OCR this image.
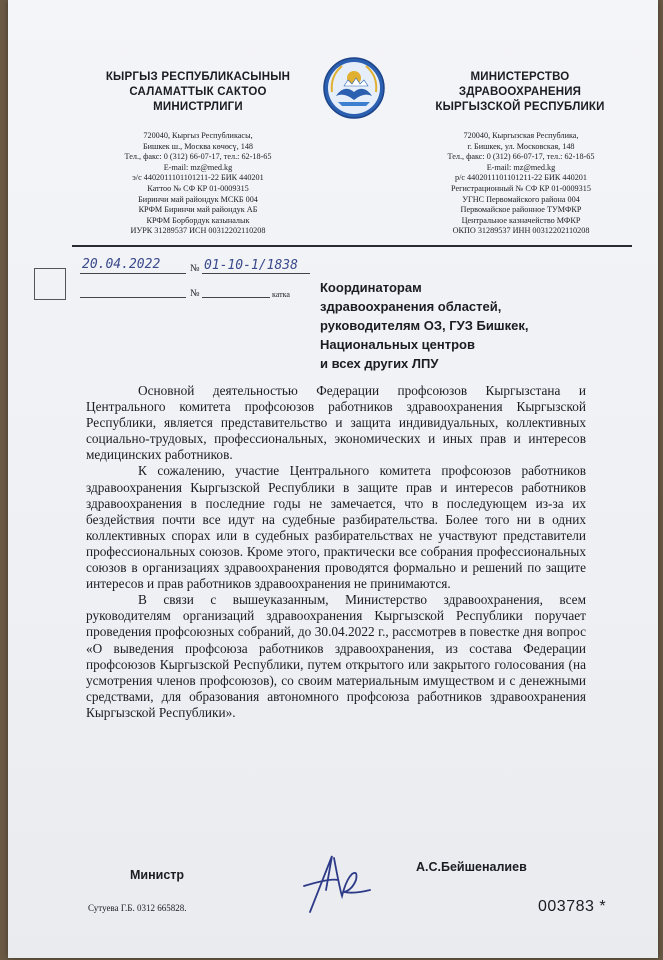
КЫРГЫЗ РЕСПУБЛИКАСЫНЫН
САЛАМАТТЫК САКТОО
МИНИСТРЛИГИ
720040, Кыргыз Республикасы,
Бишкек ш., Москва көчөсү, 148
Тел., факс: 0 (312) 66-07-17, тел.: 62-18-65
E-mail: mz@med.kg
э/с 4402011101101211-22 БИК 440201
Каттоо № СФ КР 01-0009315
Биринчи май райондук МСКБ 004
КРФМ Биринчи май райондук АБ
КРФМ Борбордук казыналык
ИУРК 31289537 ИСН 00312202110208
МИНИСТЕРСТВО
ЗДРАВООХРАНЕНИЯ
КЫРГЫЗСКОЙ РЕСПУБЛИКИ
720040, Кыргызская Республика,
г. Бишкек, ул. Московская, 148
Тел., факс: 0 (312) 66-07-17, тел.: 62-18-65
E-mail: mz@med.kg
р/с 4402011101101211-22 БИК 440201
Регистрационный № СФ КР 01-0009315
УГНС Первомайского района 004
Первомайское районное ТУМФКР
Центральное казначейство МФКР
ОКПО 31289537 ИНН 00312202110208
20.04.2022	№ 01-10-1/1838
№	катка Координаторам
здравоохранения областей,
руководителям ОЗ, ГУЗ Бишкек,
Национальных центров
и всех других ЛПУ

Основной деятельностью Федерации профсоюзов Кыргызстана и Центрального комитета профсоюзов работников здравоохранения Кыргызской Республики, является представительство и защита индивидуальных, коллективных социально-трудовых, профессиональных, экономических и иных прав и интересов медицинских работников.

К сожалению, участие Центрального комитета профсоюзов работников здравоохранения Кыргызской Республики в защите прав и интересов работников здравоохранения в последние годы не замечается, что в последующем из-за их бездействия почти все идут на судебные разбирательства. Более того ни в одних коллективных спорах или в судебных разбирательствах не участвуют представители профессиональных союзов. Кроме этого, практически все собрания профессиональных союзов в организациях здравоохранения проводятся формально и решений по защите интересов и прав работников здравоохранения не принимаются.

В связи с вышеуказанным, Министерство здравоохранения, всем руководителям организаций здравоохранения Кыргызской Республики поручает проведения профсоюзных собраний, до 30.04.2022 г., рассмотрев в повестке дня вопрос «О выведения профсоюза работников здравоохранения, из состава Федерации профсоюзов Кыргызской Республики, путем открытого или закрытого голосования (на усмотрения членов профсоюзов), со своим материальным имуществом и с денежными средствами, для образования автономного профсоюза работников здравоохранения Кыргызской Республики».

Министр
А.С.Бейшеналиев
Сутуева Г.Б. 0312 665828.	003783 *
